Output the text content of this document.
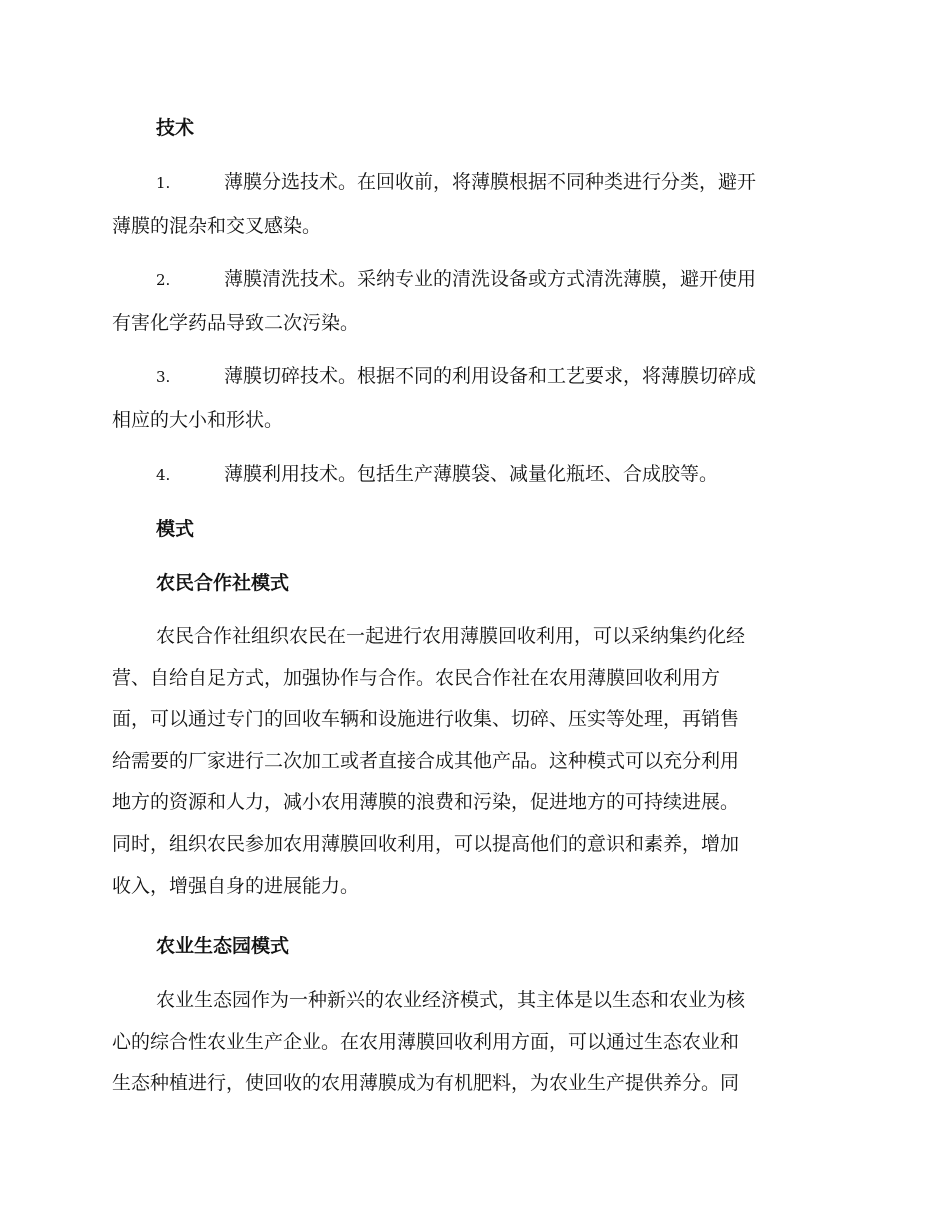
技术
1.	薄膜分选技术。在回收前，将薄膜根据不同种类进行分类，避开
薄膜的混杂和交叉感染。
2.	薄膜清洗技术。采纳专业的清洗设备或方式清洗薄膜，避开使用
有害化学药品导致二次污染。
3.	薄膜切碎技术。根据不同的利用设备和工艺要求，将薄膜切碎成
相应的大小和形状。
4.	薄膜利用技术。包括生产薄膜袋、减量化瓶坯、合成胶等。
模式
农民合作社模式
农民合作社组织农民在一起进行农用薄膜回收利用，可以采纳集约化经
营、自给自足方式，加强协作与合作。农民合作社在农用薄膜回收利用方
面，可以通过专门的回收车辆和设施进行收集、切碎、压实等处理，再销售
给需要的厂家进行二次加工或者直接合成其他产品。这种模式可以充分利用
地方的资源和人力，减小农用薄膜的浪费和污染，促进地方的可持续进展。
同时，组织农民参加农用薄膜回收利用，可以提高他们的意识和素养，增加
收入，增强自身的进展能力。
农业生态园模式
农业生态园作为一种新兴的农业经济模式，其主体是以生态和农业为核
心的综合性农业生产企业。在农用薄膜回收利用方面，可以通过生态农业和
生态种植进行，使回收的农用薄膜成为有机肥料，为农业生产提供养分。同
